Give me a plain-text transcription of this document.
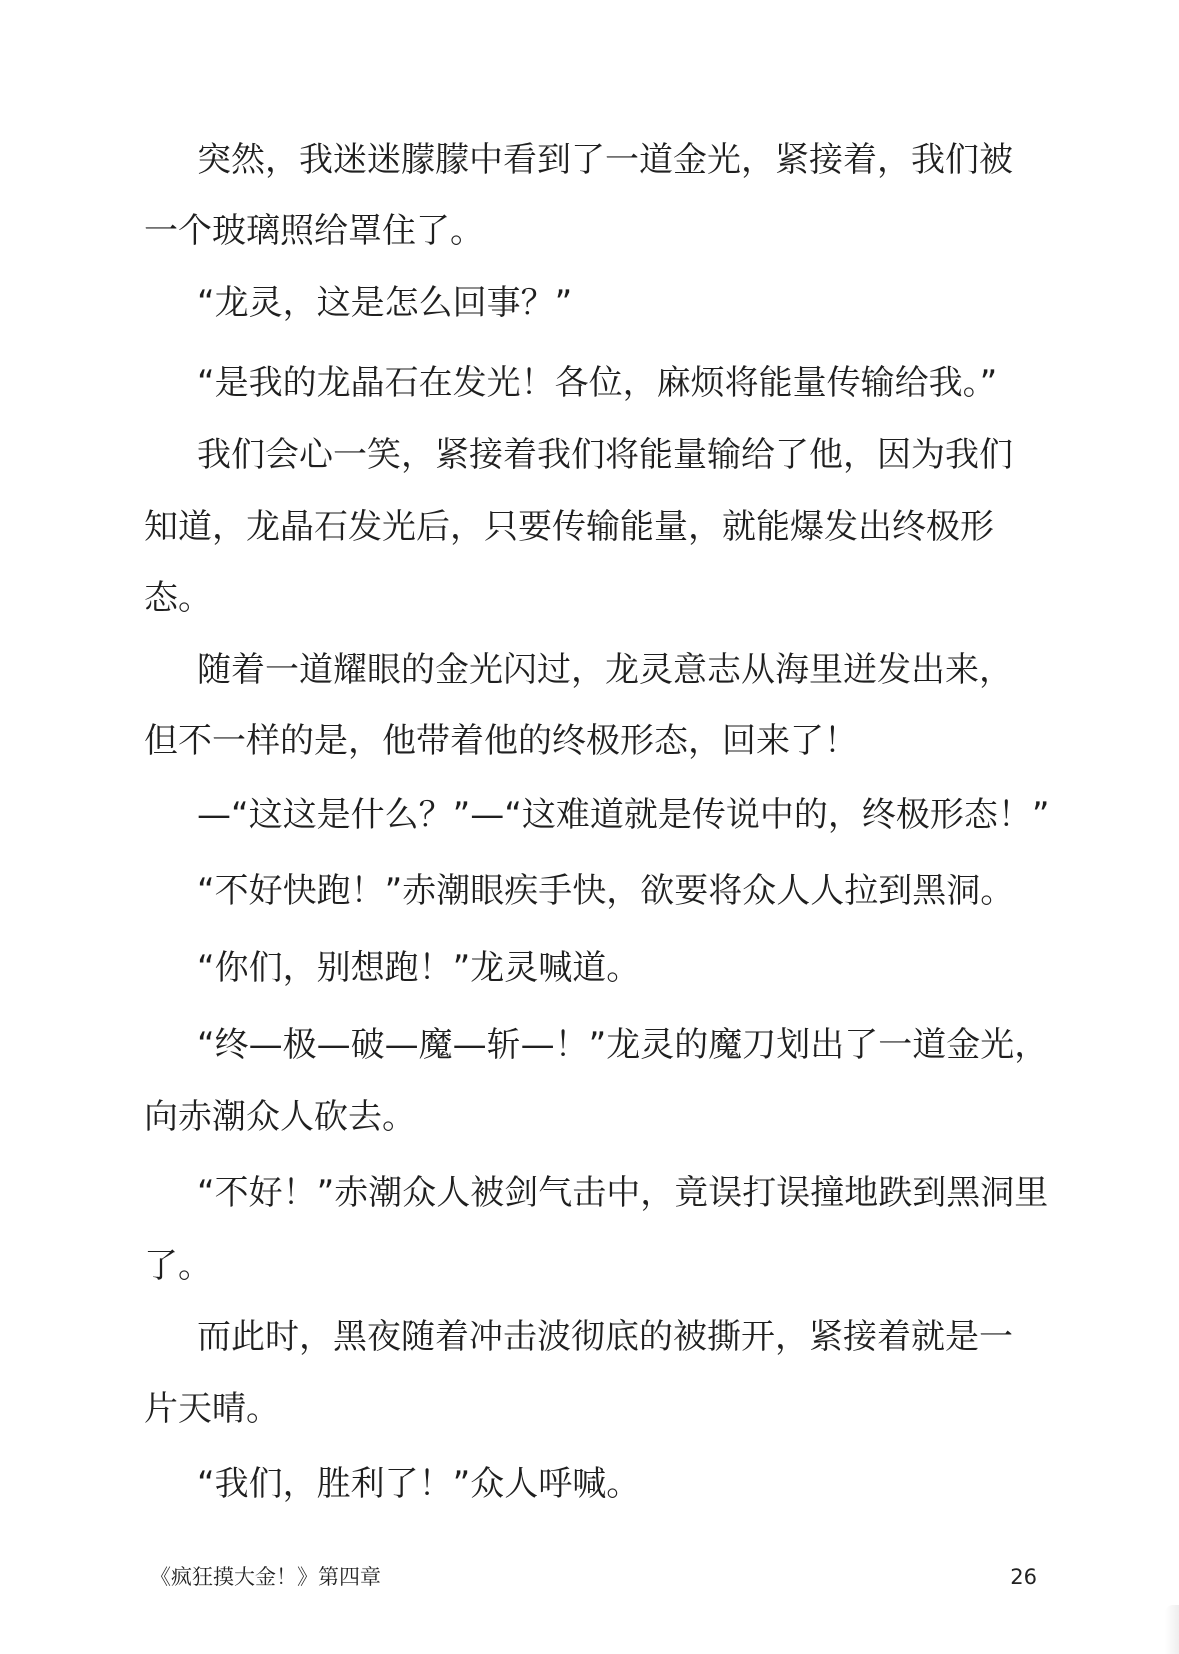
突然，我迷迷朦朦中看到了一道金光，紧接着，我们被
一个玻璃照给罩住了。
“龙灵，这是怎么回事？”
“是我的龙晶石在发光！各位，麻烦将能量传输给我。”
我们会心一笑，紧接着我们将能量输给了他，因为我们
知道，龙晶石发光后，只要传输能量，就能爆发出终极形
态。
随着一道耀眼的金光闪过，龙灵意志从海里迸发出来，
但不一样的是，他带着他的终极形态，回来了！
—“这这是什么？”—“这难道就是传说中的，终极形态！”
“不好快跑！”赤潮眼疾手快，欲要将众人人拉到黑洞。
“你们，别想跑！”龙灵喊道。
“终—极—破—魔—斩—！”龙灵的魔刀划出了一道金光，
向赤潮众人砍去。
“不好！”赤潮众人被剑气击中，竟误打误撞地跌到黑洞里
了。
而此时，黑夜随着冲击波彻底的被撕开，紧接着就是一
片天晴。
“我们，胜利了！”众人呼喊。
《疯狂摸大金！》第四章	26
